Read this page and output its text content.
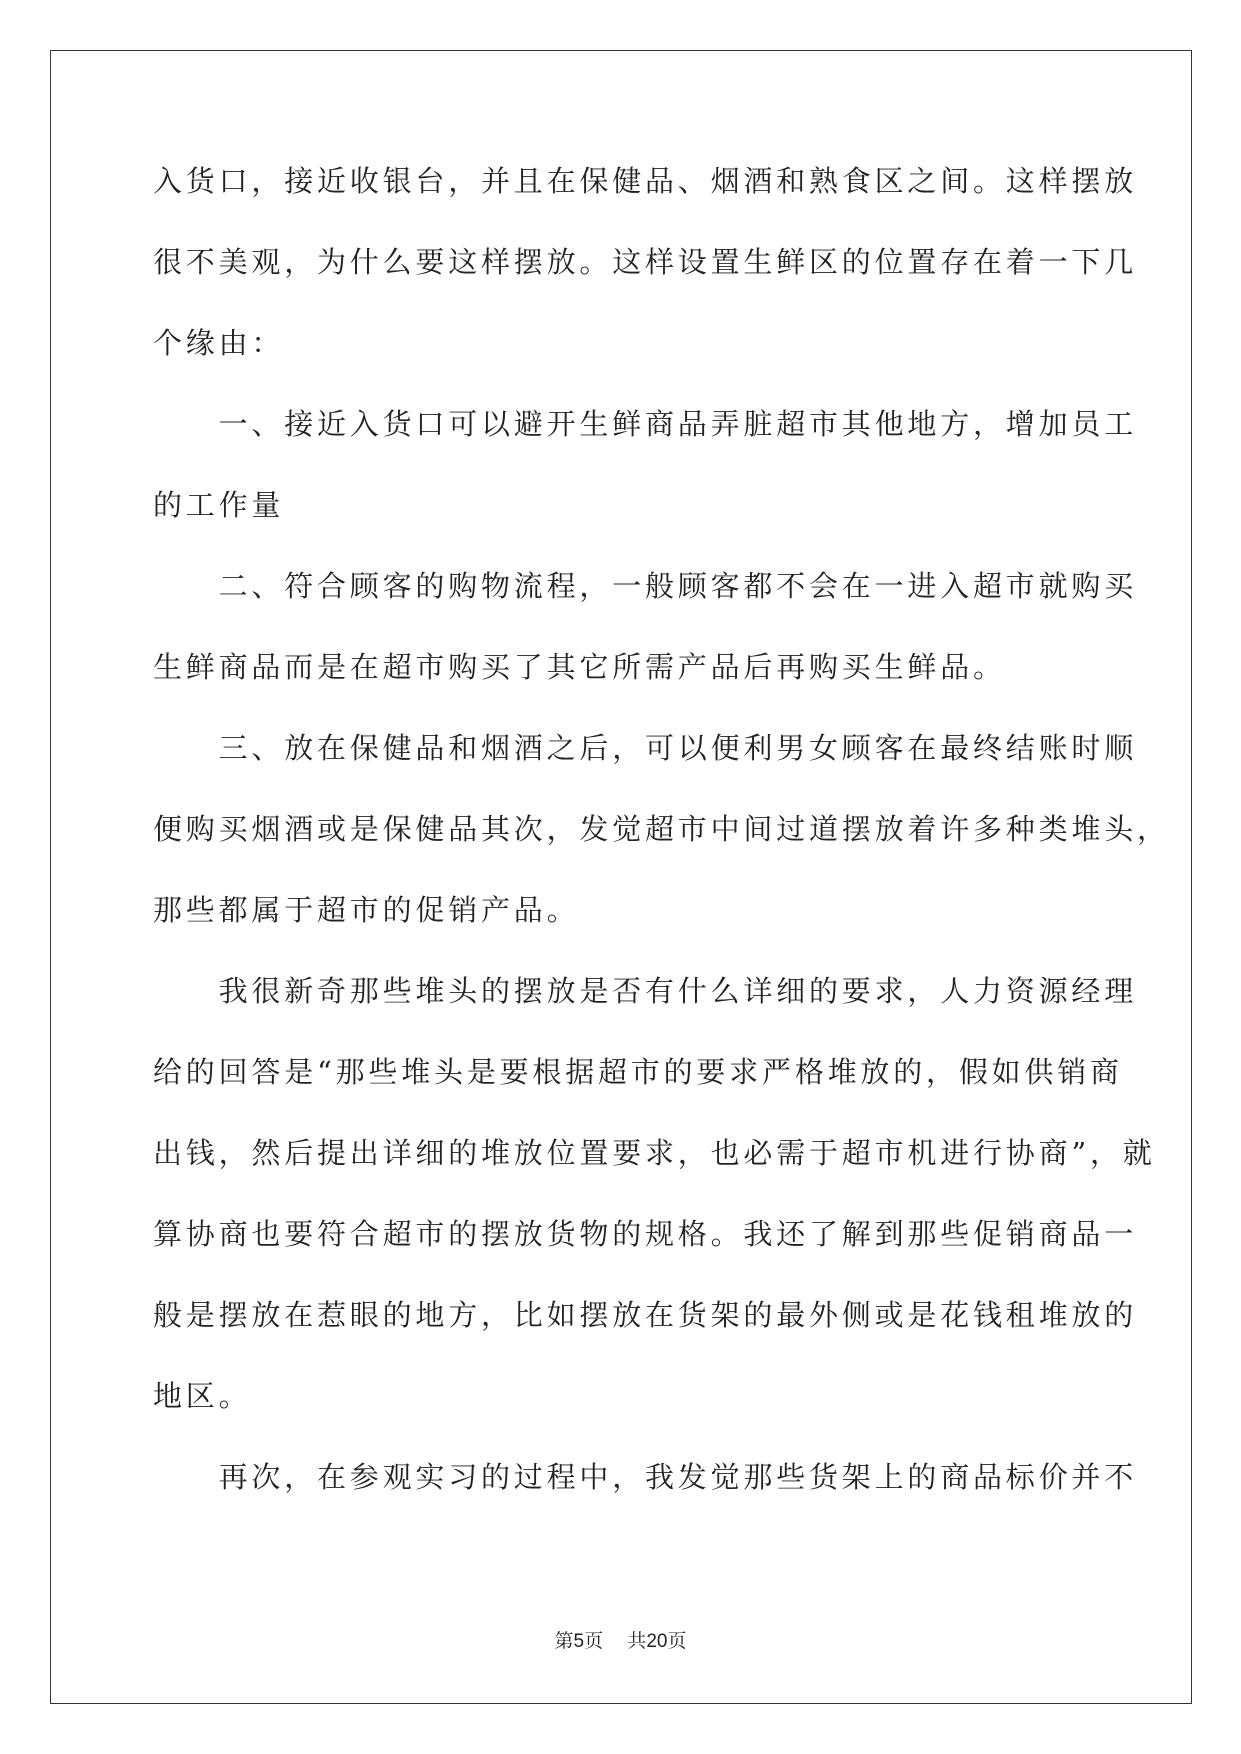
入货口，接近收银台，并且在保健品、烟酒和熟食区之间。这样摆放
很不美观，为什么要这样摆放。这样设置生鲜区的位置存在着一下几
个缘由：
　　一、接近入货口可以避开生鲜商品弄脏超市其他地方，增加员工
的工作量
　　二、符合顾客的购物流程，一般顾客都不会在一进入超市就购买
生鲜商品而是在超市购买了其它所需产品后再购买生鲜品。
　　三、放在保健品和烟酒之后，可以便利男女顾客在最终结账时顺
便购买烟酒或是保健品其次，发觉超市中间过道摆放着许多种类堆头，
那些都属于超市的促销产品。
　　我很新奇那些堆头的摆放是否有什么详细的要求，人力资源经理
给的回答是“那些堆头是要根据超市的要求严格堆放的，假如供销商
出钱，然后提出详细的堆放位置要求，也必需于超市机进行协商”，就
算协商也要符合超市的摆放货物的规格。我还了解到那些促销商品一
般是摆放在惹眼的地方，比如摆放在货架的最外侧或是花钱租堆放的
地区。
　　再次，在参观实习的过程中，我发觉那些货架上的商品标价并不
第5页 共20页
